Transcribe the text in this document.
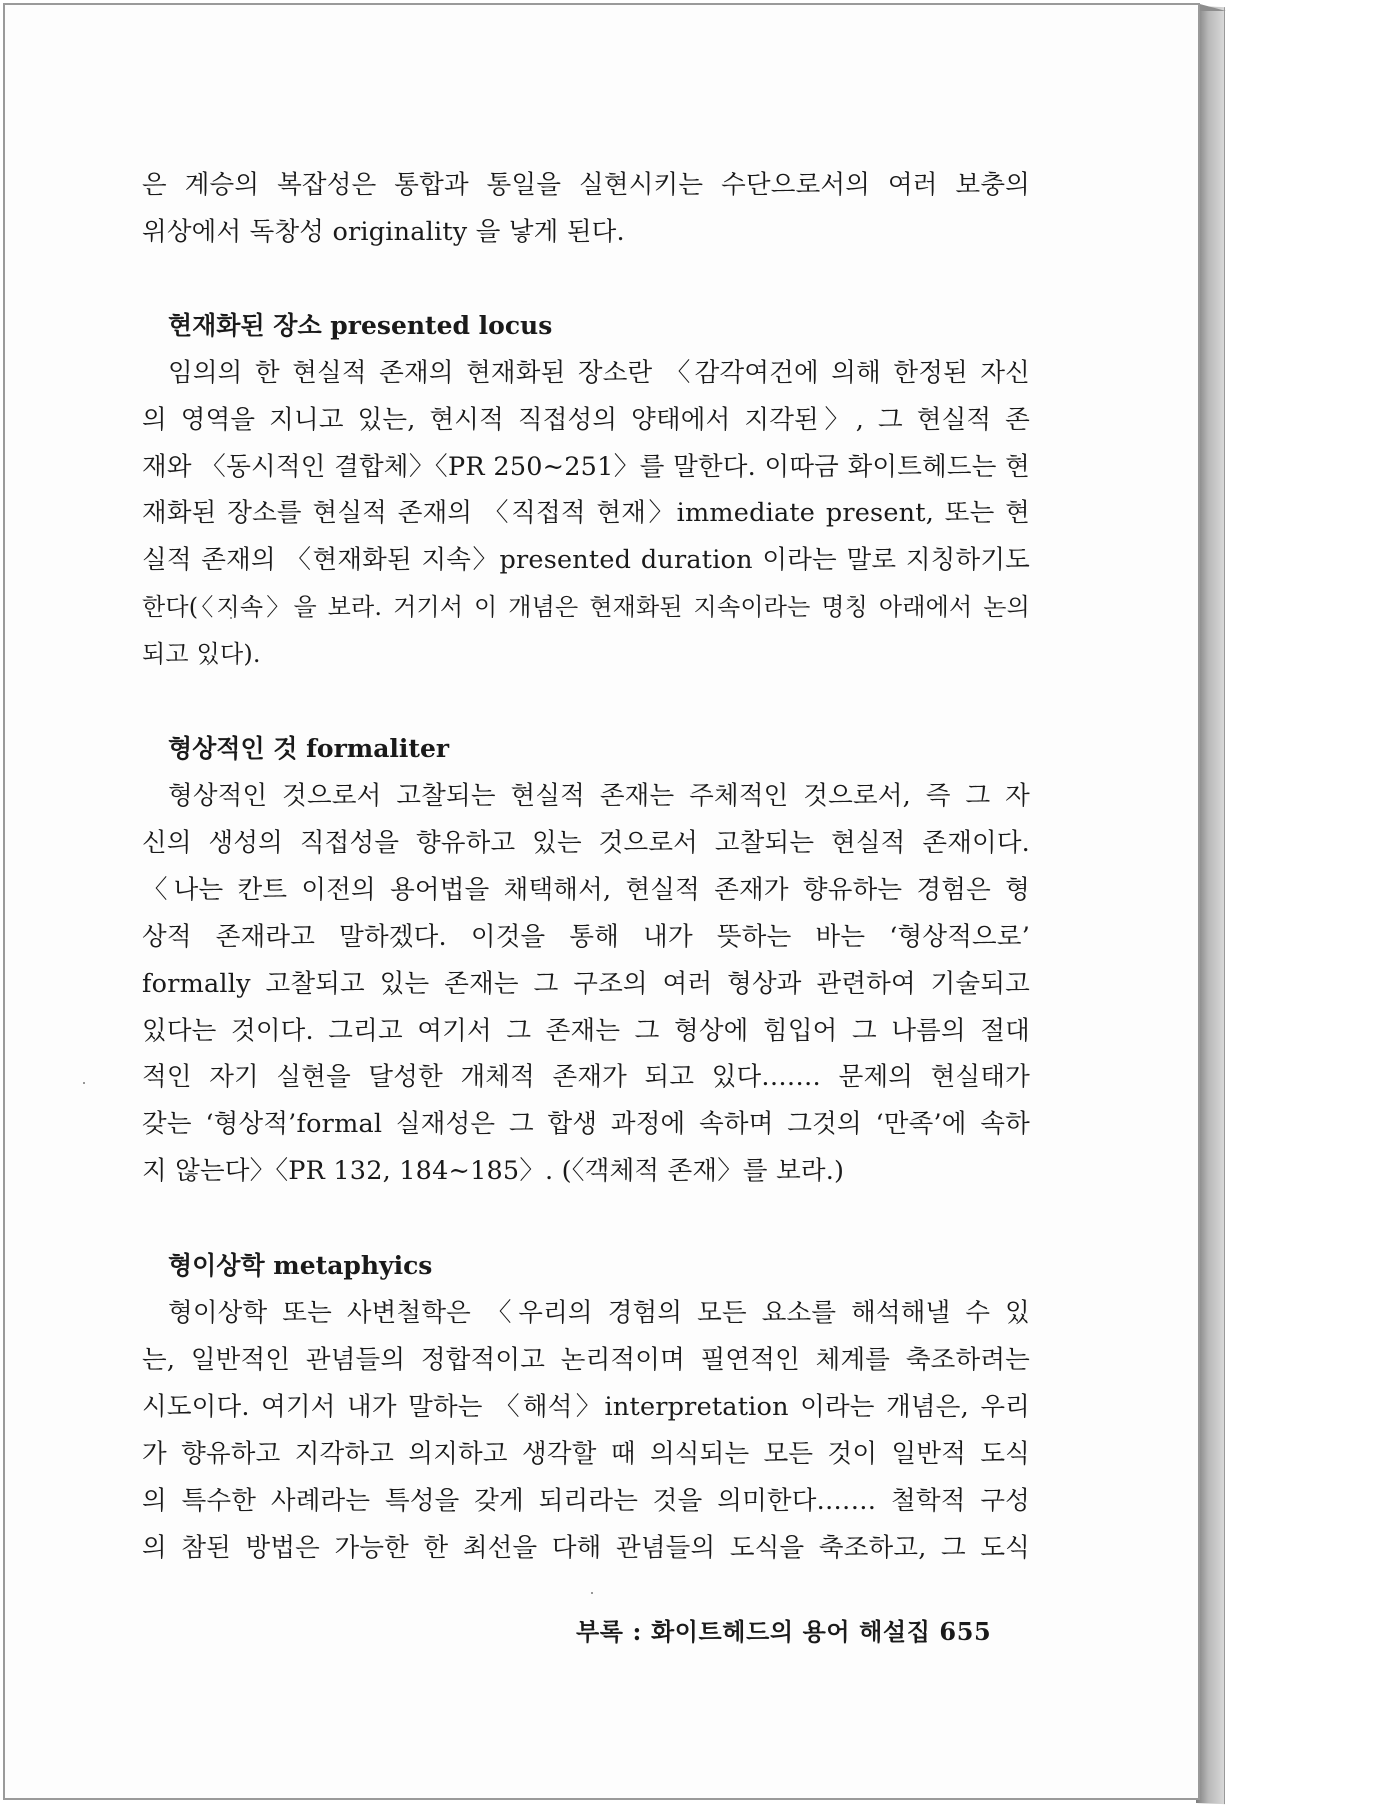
은 계승의 복잡성은 통합과 통일을 실현시키는 수단으로서의 여러 보충의

위상에서 독창성 originality 을 낳게 된다.

현재화된 장소 presented locus

임의의 한 현실적 존재의 현재화된 장소란 〈감각여건에 의해 한정된 자신

의 영역을 지니고 있는, 현시적 직접성의 양태에서 지각된〉, 그 현실적 존

재와 〈동시적인 결합체〉〈PR 250∼251〉를 말한다. 이따금 화이트헤드는 현

재화된 장소를 현실적 존재의 〈직접적 현재〉immediate present, 또는 현

실적 존재의 〈현재화된 지속〉presented duration 이라는 말로 지칭하기도

한다(〈지속〉을 보라. 거기서 이 개념은 현재화된 지속이라는 명칭 아래에서 논의

되고 있다).

형상적인 것 formaliter

형상적인 것으로서 고찰되는 현실적 존재는 주체적인 것으로서, 즉 그 자

신의 생성의 직접성을 향유하고 있는 것으로서 고찰되는 현실적 존재이다.

〈나는 칸트 이전의 용어법을 채택해서, 현실적 존재가 향유하는 경험은 형

상적 존재라고 말하겠다. 이것을 통해 내가 뜻하는 바는 ‘형상적으로’

formally 고찰되고 있는 존재는 그 구조의 여러 형상과 관련하여 기술되고

있다는 것이다. 그리고 여기서 그 존재는 그 형상에 힘입어 그 나름의 절대

적인 자기 실현을 달성한 개체적 존재가 되고 있다.…… 문제의 현실태가

갖는 ‘형상적’formal 실재성은 그 합생 과정에 속하며 그것의 ‘만족’에 속하

지 않는다〉〈PR 132, 184∼185〉. (〈객체적 존재〉를 보라.)

형이상학 metaphyics

형이상학 또는 사변철학은 〈우리의 경험의 모든 요소를 해석해낼 수 있

는, 일반적인 관념들의 정합적이고 논리적이며 필연적인 체계를 축조하려는

시도이다. 여기서 내가 말하는 〈해석〉interpretation 이라는 개념은, 우리

가 향유하고 지각하고 의지하고 생각할 때 의식되는 모든 것이 일반적 도식

의 특수한 사례라는 특성을 갖게 되리라는 것을 의미한다.…… 철학적 구성

의 참된 방법은 가능한 한 최선을 다해 관념들의 도식을 축조하고, 그 도식

부록 : 화이트헤드의 용어 해설집 655
